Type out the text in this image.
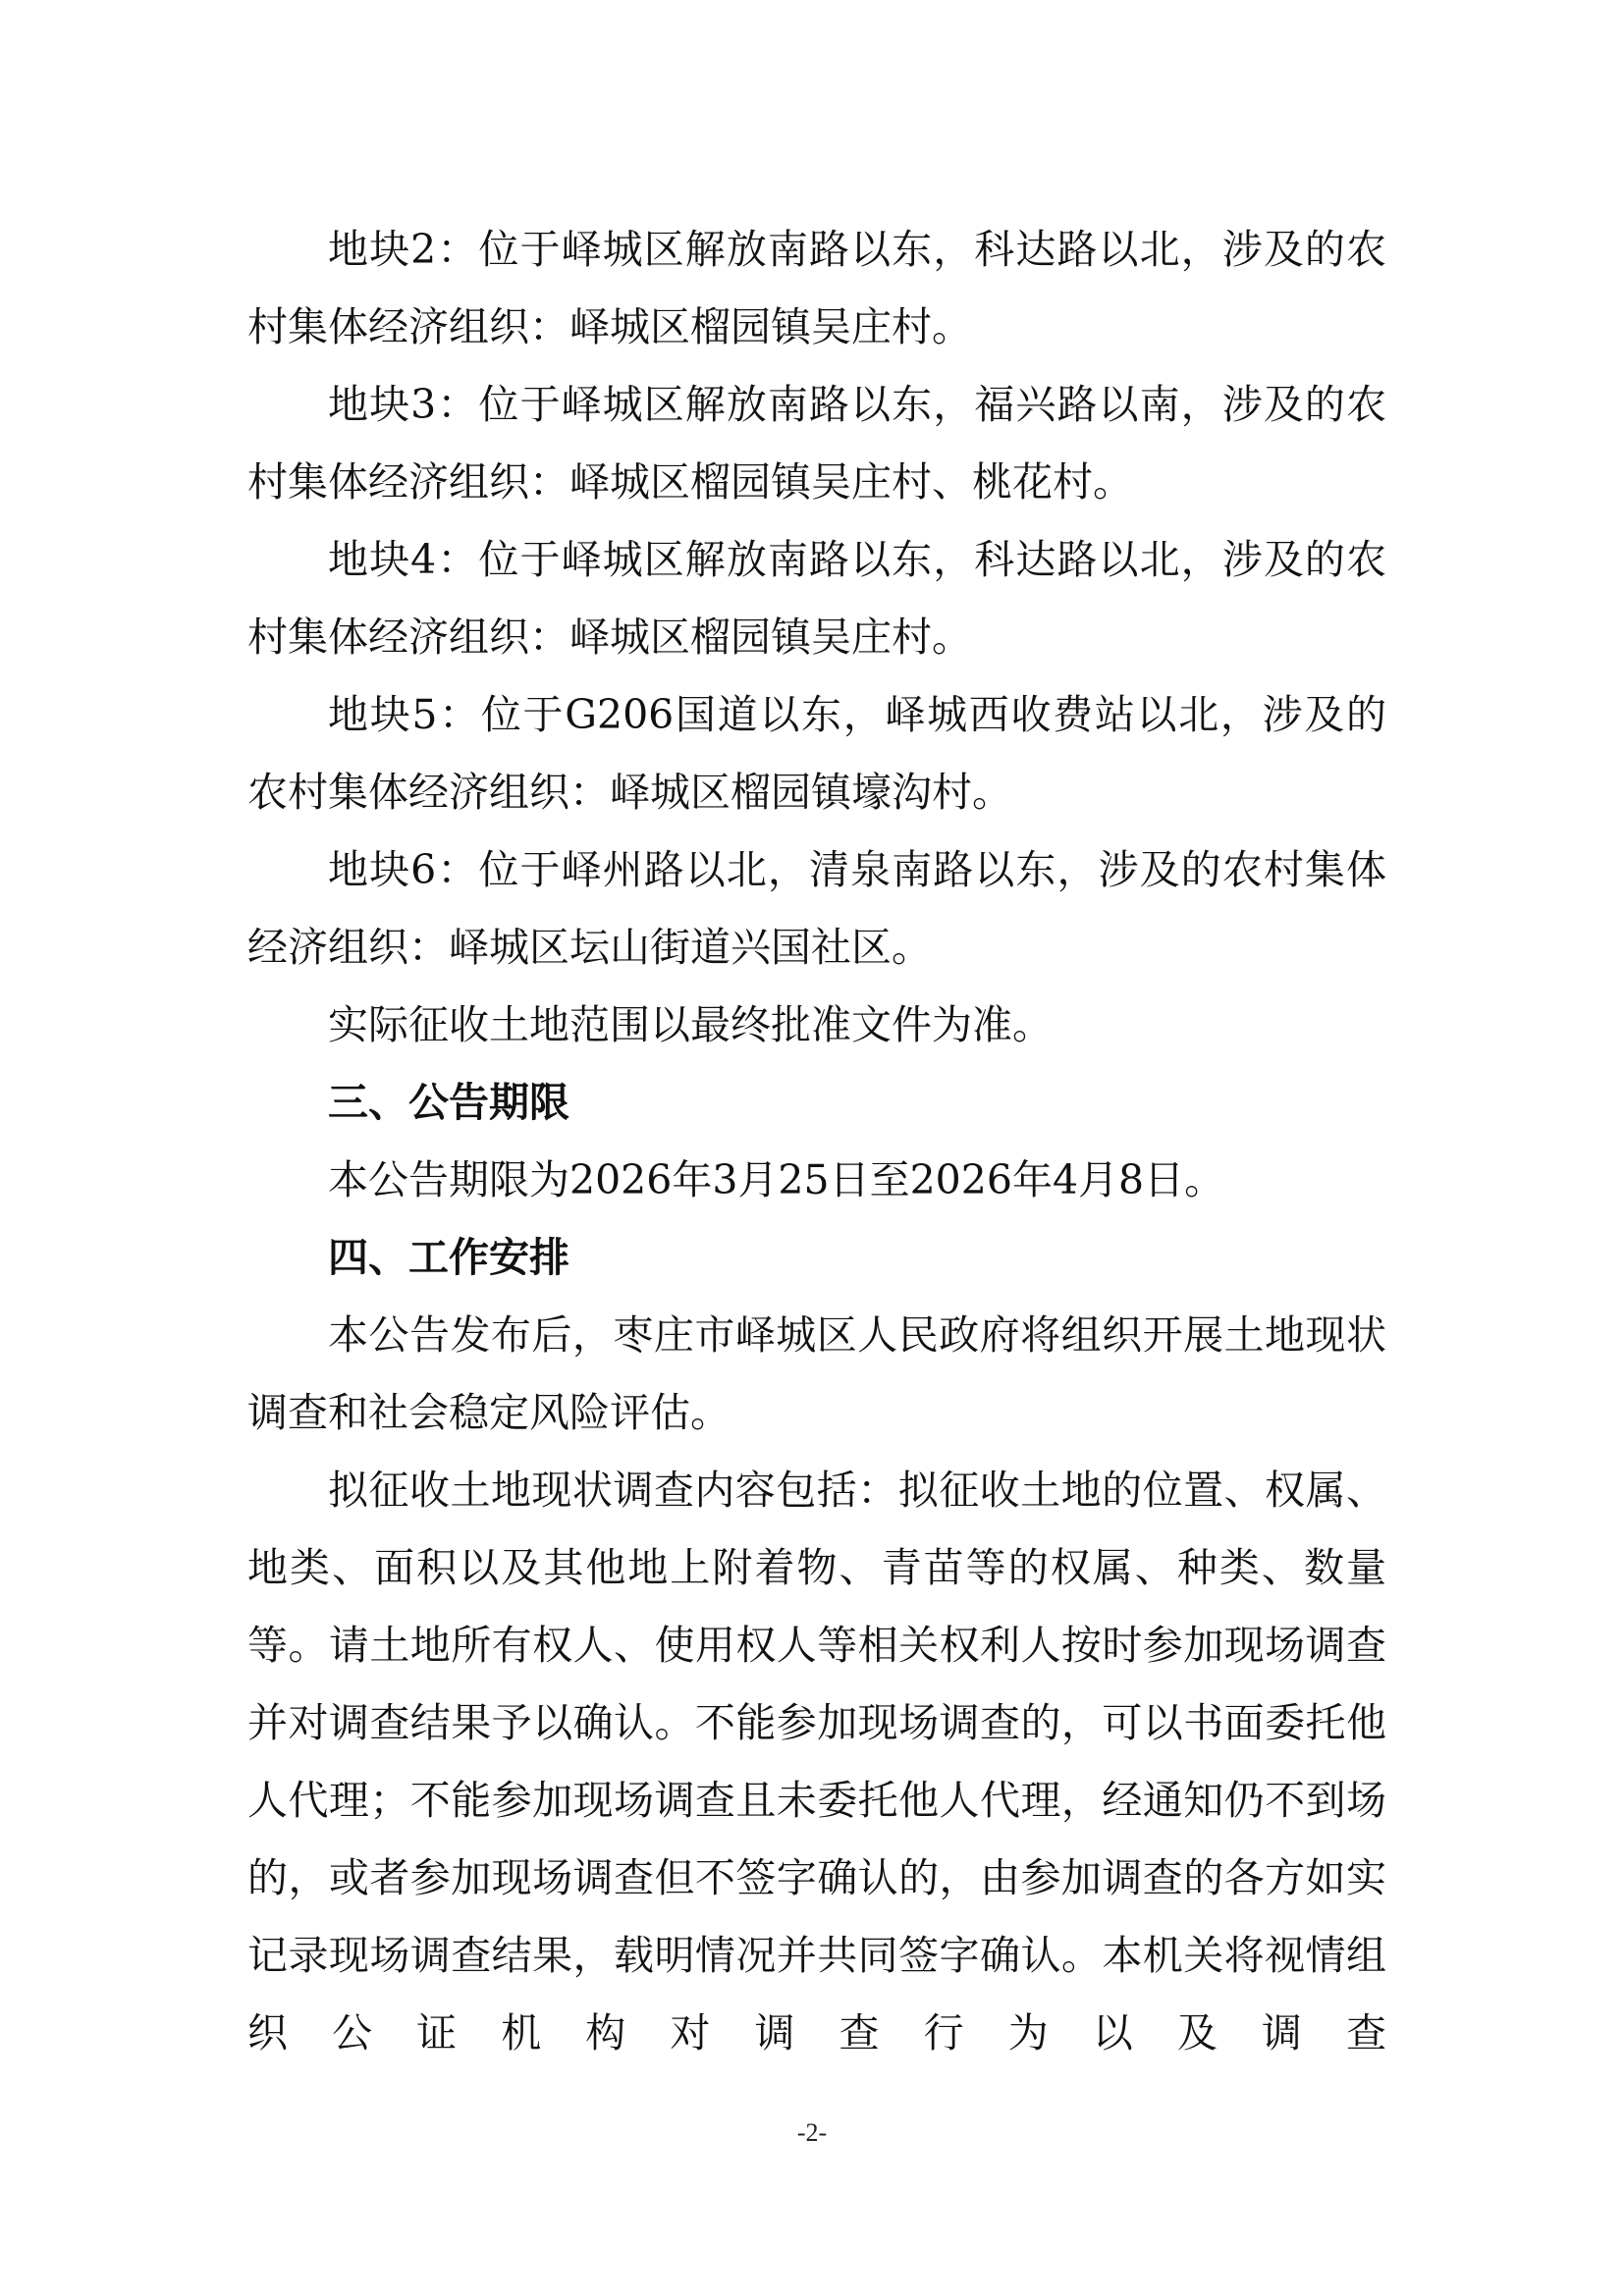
地块2：位于峄城区解放南路以东，科达路以北，涉及的农村集体经济组织：峄城区榴园镇吴庄村。

地块3：位于峄城区解放南路以东，福兴路以南，涉及的农村集体经济组织：峄城区榴园镇吴庄村、桃花村。

地块4：位于峄城区解放南路以东，科达路以北，涉及的农村集体经济组织：峄城区榴园镇吴庄村。

地块5：位于G206国道以东，峄城西收费站以北，涉及的农村集体经济组织：峄城区榴园镇壕沟村。

地块6：位于峄州路以北，清泉南路以东，涉及的农村集体经济组织：峄城区坛山街道兴国社区。

实际征收土地范围以最终批准文件为准。

三、公告期限

本公告期限为2026年3月25日至2026年4月8日。

四、工作安排

本公告发布后，枣庄市峄城区人民政府将组织开展土地现状调查和社会稳定风险评估。

拟征收土地现状调查内容包括：拟征收土地的位置、权属、地类、面积以及其他地上附着物、青苗等的权属、种类、数量等。请土地所有权人、使用权人等相关权利人按时参加现场调查并对调查结果予以确认。不能参加现场调查的，可以书面委托他人代理；不能参加现场调查且未委托他人代理，经通知仍不到场的，或者参加现场调查但不签字确认的，由参加调查的各方如实记录现场调查结果，载明情况并共同签字确认。本机关将视情组织公证机构对调查行为以及调查

-2-
